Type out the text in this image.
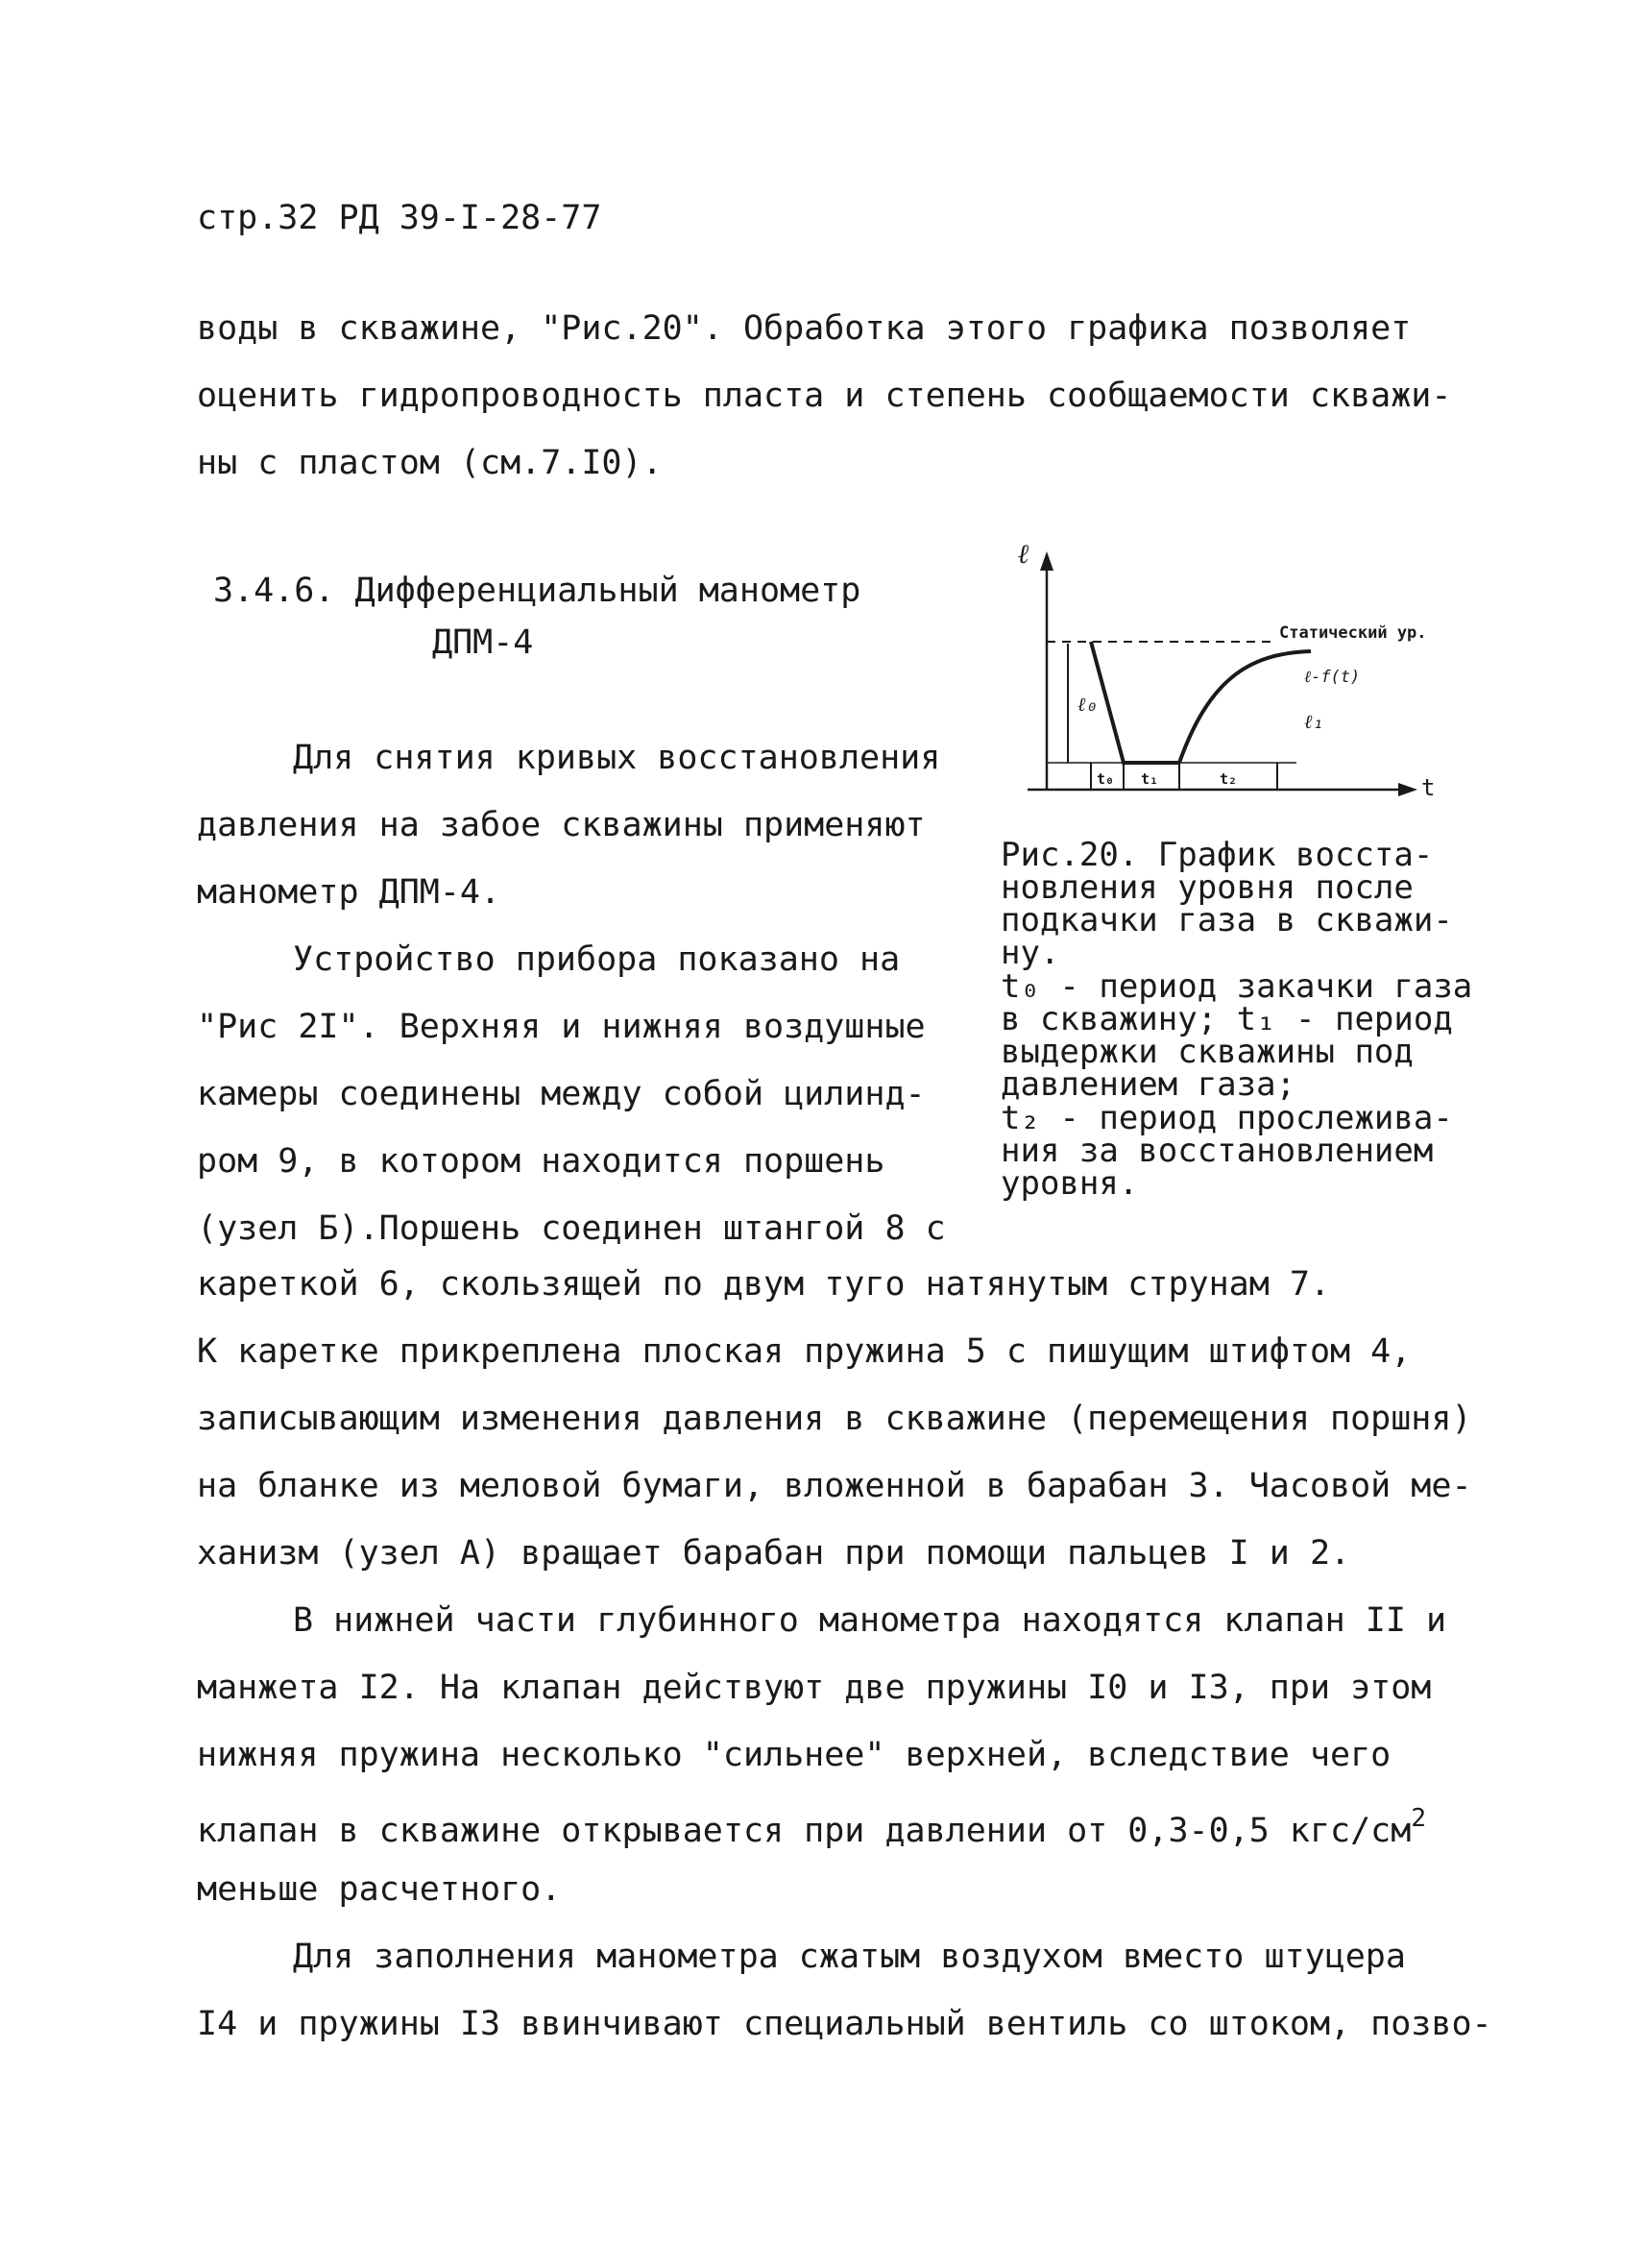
стр.32 РД 39-I-28-77
воды в скважине, "Рис.20". Обработка этого графика позволяет
оценить гидропроводность пласта и степень сообщаемости скважи-
ны с пластом (см.7.I0).
3.4.6. Дифференциальный манометр
ДПМ-4
Для снятия кривых восстановления
давления на забое скважины применяют
манометр ДПМ-4.
Устройство прибора показано на
"Рис 2I". Верхняя и нижняя воздушные
камеры соединены между собой цилинд-
ром 9, в котором находится поршень
(узел Б).Поршень соединен штангой 8 с
ℓ
t
Статический ур.
ℓ-f(t)
ℓ₁
ℓ₀
t₀ t₁	t₂
Рис.20. График восста-
новления уровня после
подкачки газа в скважи-
ну.
t₀ - период закачки газа
в скважину; t₁ - период
выдержки скважины под
давлением газа;
t₂ - период прослежива-
ния за восстановлением
уровня.
кареткой 6, скользящей по двум туго натянутым струнам 7.
К каретке прикреплена плоская пружина 5 с пишущим штифтом 4,
записывающим изменения давления в скважине (перемещения поршня)
на бланке из меловой бумаги, вложенной в барабан 3. Часовой ме-
ханизм (узел А) вращает барабан при помощи пальцев I и 2.
В нижней части глубинного манометра находятся клапан II и
манжета I2. На клапан действуют две пружины I0 и I3, при этом
нижняя пружина несколько "сильнее" верхней, вследствие чего
клапан в скважине открывается при давлении от 0,3-0,5 кгс/$см^2$
меньше расчетного.
Для заполнения манометра сжатым воздухом вместо штуцера
I4 и пружины I3 ввинчивают специальный вентиль со штоком, позво-
